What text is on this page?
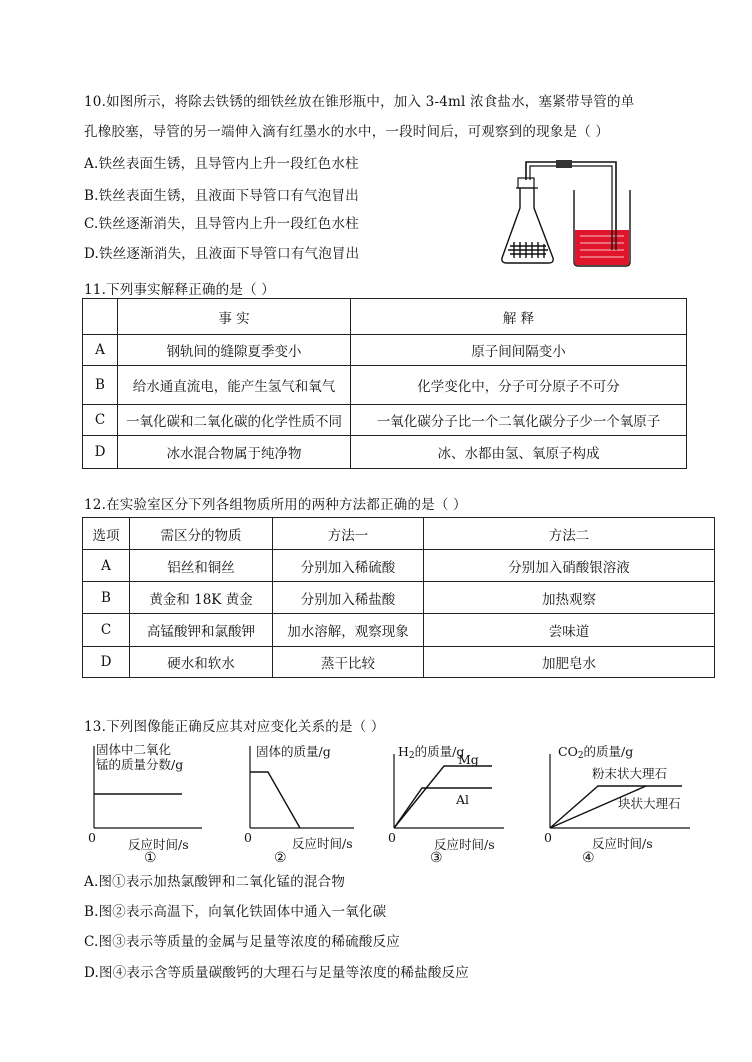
10.如图所示，将除去铁锈的细铁丝放在锥形瓶中，加入 3-4ml 浓食盐水，塞紧带导管的单
孔橡胶塞，导管的另一端伸入滴有红墨水的水中，一段时间后，可观察到的现象是（ ）
A.铁丝表面生锈，且导管内上升一段红色水柱
B.铁丝表面生锈，且液面下导管口有气泡冒出
C.铁丝逐渐消失，且导管内上升一段红色水柱
D.铁丝逐渐消失，且液面下导管口有气泡冒出
11.下列事实解释正确的是（ ）
	事 实	解 释
A	钢轨间的缝隙夏季变小	原子间间隔变小
B	给水通直流电，能产生氢气和氧气	化学变化中，分子可分原子不可分
C	一氧化碳和二氧化碳的化学性质不同	一氧化碳分子比一个二氧化碳分子少一个氧原子
D	冰水混合物属于纯净物	冰、水都由氢、氧原子构成
12.在实验室区分下列各组物质所用的两种方法都正确的是（ ）
选项	需区分的物质	方法一	方法二
A	铝丝和铜丝	分别加入稀硫酸	分别加入硝酸银溶液
B	黄金和 18K 黄金	分别加入稀盐酸	加热观察
C	高锰酸钾和氯酸钾	加水溶解，观察现象	尝味道
D	硬水和软水	蒸干比较	加肥皂水
13.下列图像能正确反应其对应变化关系的是（ ）
固体中二氧化
锰的质量分数/g
0	反应时间/s
①
固体的质量/g
0	反应时间/s
②
$H_2$的质量/g
Mg
Al
0	反应时间/s
③
$CO_2$的质量/g
粉末状大理石
块状大理石
0	反应时间/s
④
A.图①表示加热氯酸钾和二氧化锰的混合物
B.图②表示高温下，向氧化铁固体中通入一氧化碳
C.图③表示等质量的金属与足量等浓度的稀硫酸反应
D.图④表示含等质量碳酸钙的大理石与足量等浓度的稀盐酸反应
